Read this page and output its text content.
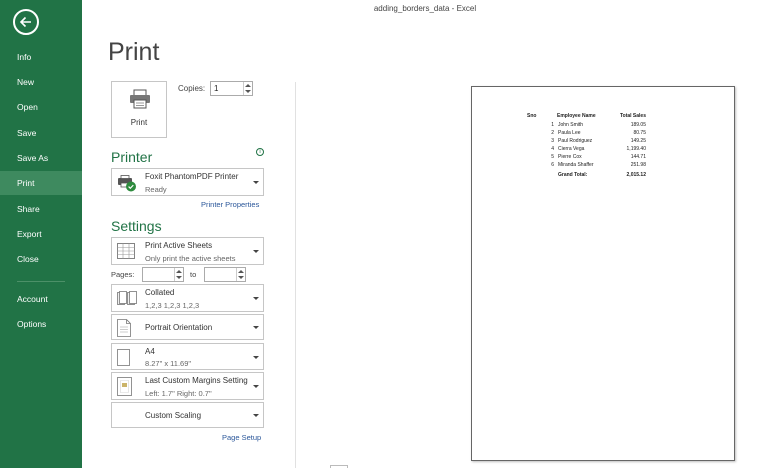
Info
New
Open
Save
Save As
Print
Share
Export
Close
Account
Options
adding_borders_data - Excel
Print
Print
Copies: 1
Printer	i
Foxit PhantomPDF Printer
Ready
Printer Properties
Settings
Print Active Sheets
Only print the active sheets
Pages:	to
Collated
1,2,3 1,2,3 1,2,3
Portrait Orientation
A4
8.27" x 11.69"
Last Custom Margins Setting
Left: 1.7" Right: 0.7"
Custom Scaling
Page Setup
Sno	Employee Name	Total Sales
1 John Smith	189.05
2 Paula Lee	80.75
3 Paul Rodriguez	149.25
4 Cierra Vega	1,199.40
5 Pierre Cox	144.71
6 Miranda Shaffer	251.98
Grand Total:	2,015.12
